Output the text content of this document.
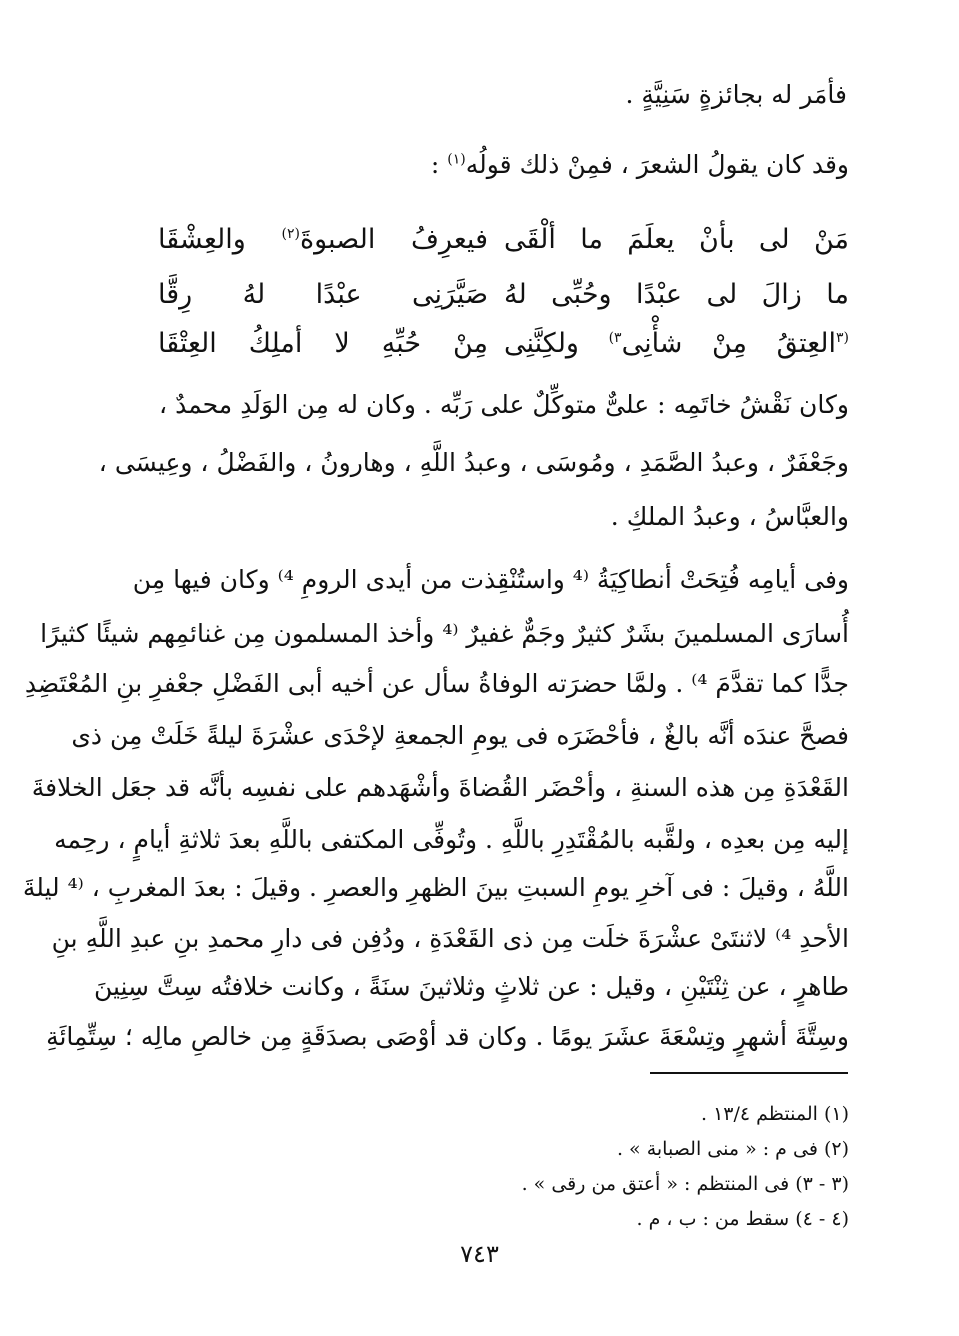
فأمَر له بجائزةٍ سَنِيَّةٍ .
وقد كان يقولُ الشعرَ ، فمِنْ ذلك قولُه$^{(١)}$ :
مَنْ لى بأنْ يعلَمَ ما ألْقَى
فيعرِفُ الصبوةَ$^{(٢)}$ والعِشْقَا
ما زالَ لى عبْدًا وحُبِّى لهُ
صَيَّرَنِى عبْدًا لهُ رِقَّا
$^{(٣}$العِتقُ مِنْ شأْنِى$^{٣)}$ ولكِنَّنِى
مِنْ حُبِّهِ لا أملِكُ العِتْقَا
وكان نَقْشُ خاتَمِه : علىٌّ متوكِّلٌ على رَبِّه . وكان له مِن الوَلَدِ محمدٌ ،
وجَعْفَرٌ ، وعبدُ الصَّمَدِ ، ومُوسَى ، وعبدُ اللَّهِ ، وهارونُ ، والفَضْلُ ، وعِيسَى ،
والعبَّاسُ ، وعبدُ الملكِ .
وفى أيامِه فُتِحَتْ أنطاكِيَةُ ⁽⁴ واستُنْقِذت من أيدى الرومِ ⁴⁾ وكان فيها مِن
أُسارَى المسلمينَ بشَرٌ كثيرٌ وجَمٌّ غفيرٌ ⁽⁴ وأخذ المسلمون مِن غنائمِهم شيئًا كثيرًا
جدًّا كما تقدَّمَ ⁴⁾ . ولمَّا حضرَته الوفاةُ سأل عن أخيه أبى الفَضْلِ جعْفرِ بنِ المُعْتَضِدِ
فصحَّ عندَه أنَّه بالغٌ ، فأحْضَرَه فى يومِ الجمعةِ لإحْدَى عشْرَةَ ليلةً خَلَتْ مِن ذى
القَعْدَةِ مِن هذه السنةِ ، وأحْضَر القُضاةَ وأشْهَدهم على نفسِه بأنَّه قد جعَل الخلافةَ
إليه مِن بعدِه ، ولقَّبه بالمُقْتَدِرِ باللَّهِ . وتُوفِّى المكتفى باللَّهِ بعدَ ثلاثةِ أيامٍ ، رحِمه
اللَّهُ ، وقيلَ : فى آخرِ يومِ السبتِ بينَ الظهرِ والعصرِ . وقيلَ : بعدَ المغربِ ، ⁽⁴ ليلةَ
الأحدِ ⁴⁾ لاثنتَىْ عشْرَةَ خلَت مِن ذى القَعْدَةِ ، ودُفِن فى دارِ محمدِ بنِ عبدِ اللَّهِ بنِ
طاهرٍ ، عن ثِنْتَيْنِ ، وقيل : عن ثلاثٍ وثلاثينَ سنَةً ، وكانت خلافتُه سِتَّ سِنِينَ
وسِتَّةَ أشهرٍ وتِسْعَةَ عشَرَ يومًا . وكان قد أوْصَى بصدَقَةٍ مِن خالصِ مالِه ؛ سِتِّمِائَةِ
(١) المنتظم ١٣/٤ .
(٢) فى م : « منى الصبابة » .
(٣ - ٣) فى المنتظم : « أعتق من رقى » .
(٤ - ٤) سقط من : ب ، م .
٧٤٣
